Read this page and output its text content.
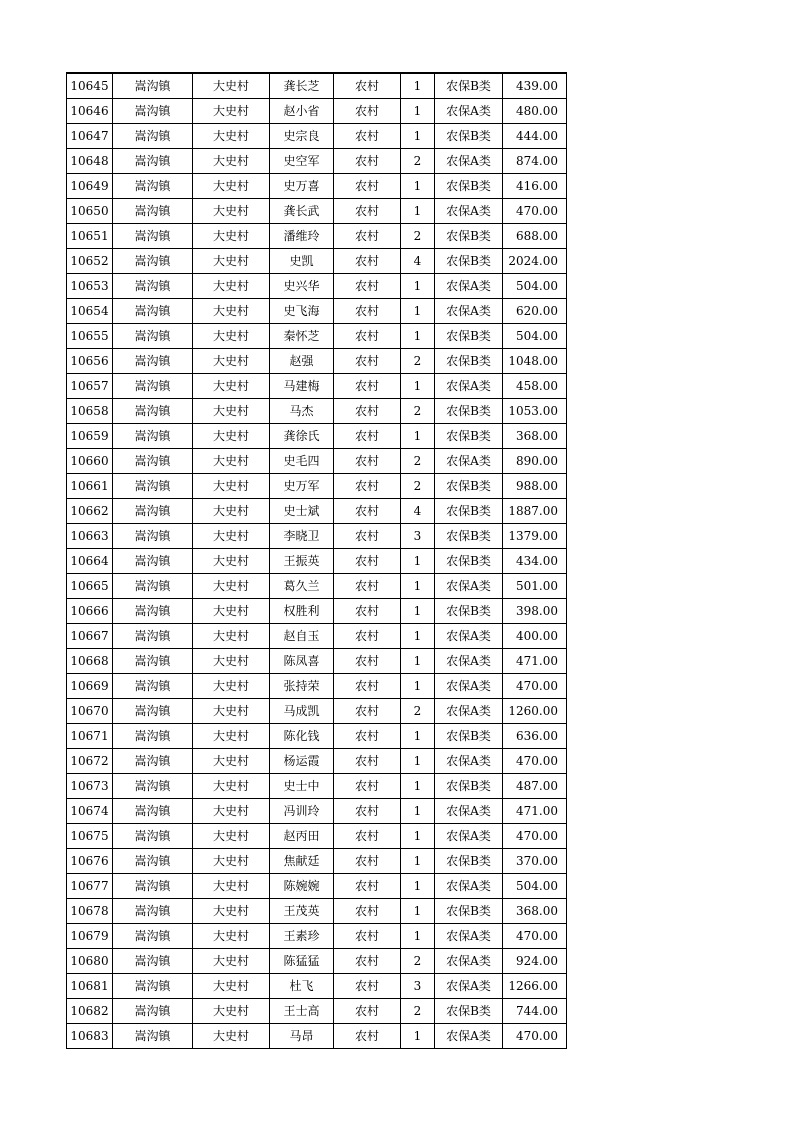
10645	嵩沟镇	大史村	龚长芝	农村	1	农保B类	439.00
10646	嵩沟镇	大史村	赵小省	农村	1	农保A类	480.00
10647	嵩沟镇	大史村	史宗良	农村	1	农保B类	444.00
10648	嵩沟镇	大史村	史空军	农村	2	农保A类	874.00
10649	嵩沟镇	大史村	史万喜	农村	1	农保B类	416.00
10650	嵩沟镇	大史村	龚长武	农村	1	农保A类	470.00
10651	嵩沟镇	大史村	潘维玲	农村	2	农保B类	688.00
10652	嵩沟镇	大史村	史凯	农村	4	农保B类	2024.00
10653	嵩沟镇	大史村	史兴华	农村	1	农保A类	504.00
10654	嵩沟镇	大史村	史飞海	农村	1	农保A类	620.00
10655	嵩沟镇	大史村	秦怀芝	农村	1	农保B类	504.00
10656	嵩沟镇	大史村	赵强	农村	2	农保B类	1048.00
10657	嵩沟镇	大史村	马建梅	农村	1	农保A类	458.00
10658	嵩沟镇	大史村	马杰	农村	2	农保B类	1053.00
10659	嵩沟镇	大史村	龚徐氏	农村	1	农保B类	368.00
10660	嵩沟镇	大史村	史毛四	农村	2	农保A类	890.00
10661	嵩沟镇	大史村	史万军	农村	2	农保B类	988.00
10662	嵩沟镇	大史村	史士斌	农村	4	农保B类	1887.00
10663	嵩沟镇	大史村	李晓卫	农村	3	农保B类	1379.00
10664	嵩沟镇	大史村	王振英	农村	1	农保B类	434.00
10665	嵩沟镇	大史村	葛久兰	农村	1	农保A类	501.00
10666	嵩沟镇	大史村	权胜利	农村	1	农保B类	398.00
10667	嵩沟镇	大史村	赵自玉	农村	1	农保A类	400.00
10668	嵩沟镇	大史村	陈凤喜	农村	1	农保A类	471.00
10669	嵩沟镇	大史村	张持荣	农村	1	农保A类	470.00
10670	嵩沟镇	大史村	马成凯	农村	2	农保A类	1260.00
10671	嵩沟镇	大史村	陈化钱	农村	1	农保B类	636.00
10672	嵩沟镇	大史村	杨运霞	农村	1	农保A类	470.00
10673	嵩沟镇	大史村	史士中	农村	1	农保B类	487.00
10674	嵩沟镇	大史村	冯训玲	农村	1	农保A类	471.00
10675	嵩沟镇	大史村	赵丙田	农村	1	农保A类	470.00
10676	嵩沟镇	大史村	焦献廷	农村	1	农保B类	370.00
10677	嵩沟镇	大史村	陈婉婉	农村	1	农保A类	504.00
10678	嵩沟镇	大史村	王茂英	农村	1	农保B类	368.00
10679	嵩沟镇	大史村	王素珍	农村	1	农保A类	470.00
10680	嵩沟镇	大史村	陈猛猛	农村	2	农保A类	924.00
10681	嵩沟镇	大史村	杜飞	农村	3	农保A类	1266.00
10682	嵩沟镇	大史村	王士高	农村	2	农保B类	744.00
10683	嵩沟镇	大史村	马昂	农村	1	农保A类	470.00
